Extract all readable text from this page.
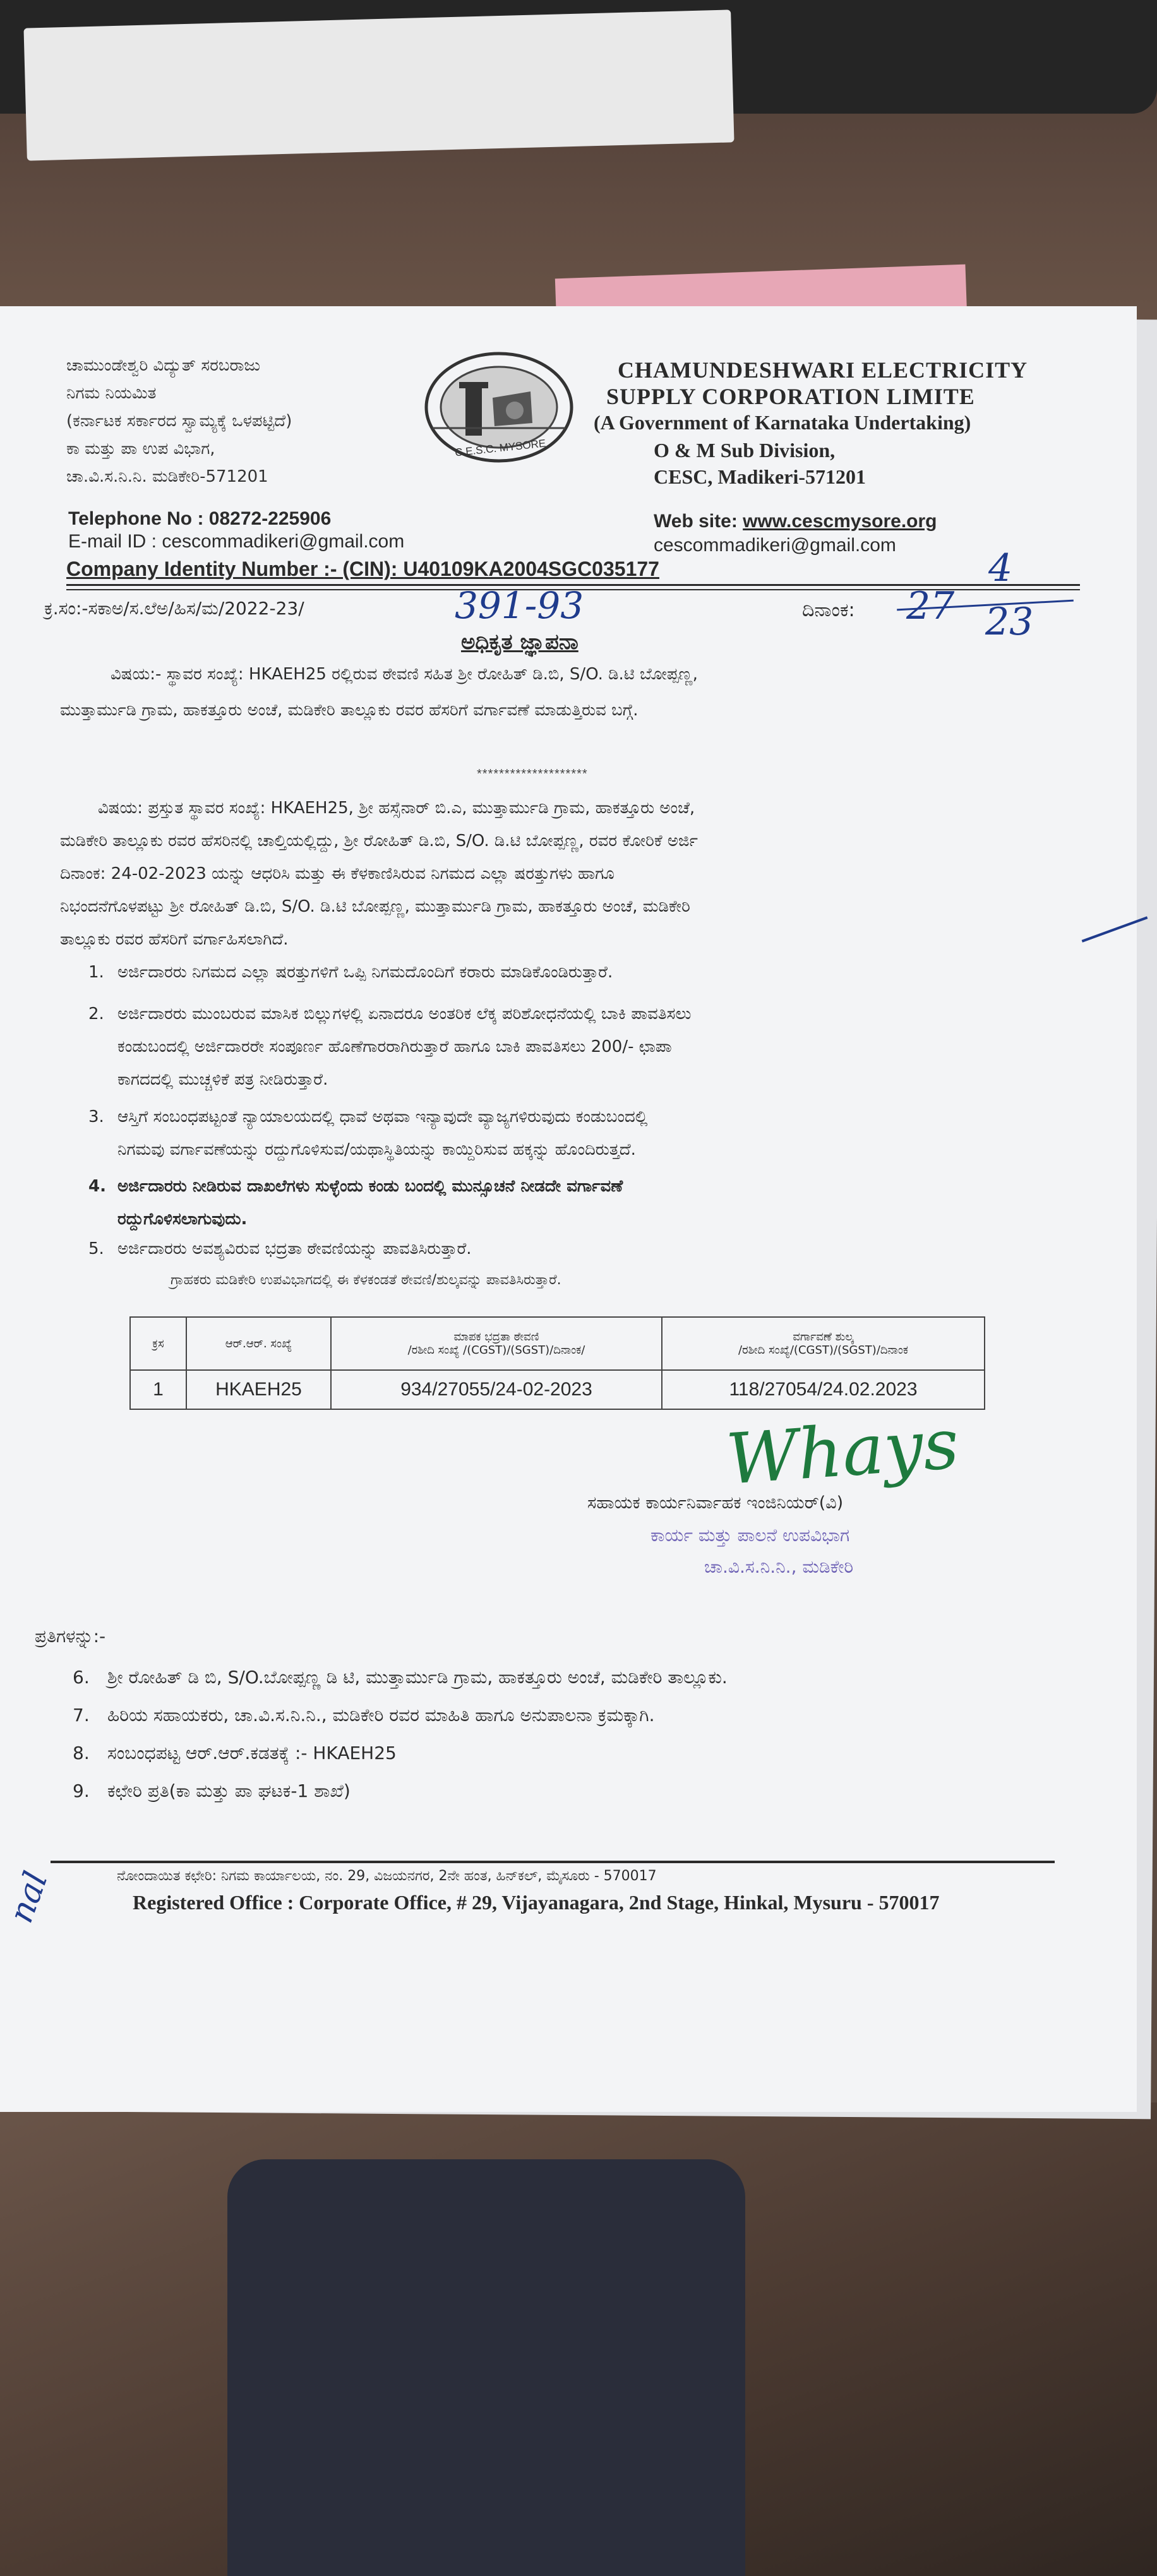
ಚಾಮುಂಡೇಶ್ವರಿ ವಿದ್ಯುತ್ ಸರಬರಾಜು
ನಿಗಮ ನಿಯಮಿತ
(ಕರ್ನಾಟಕ ಸರ್ಕಾರದ ಸ್ವಾಮ್ಯಕ್ಕೆ ಒಳಪಟ್ಟಿದೆ)
ಕಾ ಮತ್ತು ಪಾ ಉಪ ವಿಭಾಗ,
ಚಾ.ವಿ.ಸ.ನಿ.ನಿ. ಮಡಿಕೇರಿ-571201
C.E.S.C. MYSORE
CHAMUNDESHWARI ELECTRICITY
SUPPLY CORPORATION LIMITE
(A Government of Karnataka Undertaking)
O & M Sub Division,
CESC, Madikeri-571201
Telephone No : 08272-225906
E-mail ID : cescommadikeri@gmail.com
Web site: www.cescmysore.org
cescommadikeri@gmail.com
Company Identity Number :- (CIN): U40109KA2004SGC035177
ಕ್ರ.ಸಂ:-ಸಕಾಅ/ಸ.ಲೆಅ/ಹಿಸ/ಮ/2022-23/	391-93	ದಿನಾಂಕ: 27
4
23
ಅಧಿಕೃತ ಜ್ಞಾಪನಾ
ವಿಷಯ:- ಸ್ಥಾವರ ಸಂಖ್ಯೆ: HKAEH25 ರಲ್ಲಿರುವ ಠೇವಣಿ ಸಹಿತ ಶ್ರೀ ರೋಹಿತ್ ಡಿ.ಬಿ, S/O. ಡಿ.ಟಿ ಬೋಪ್ಪಣ್ಣ,
ಮುತ್ತಾರ್ಮುಡಿ ಗ್ರಾಮ, ಹಾಕತ್ತೂರು ಅಂಚೆ, ಮಡಿಕೇರಿ ತಾಲ್ಲೂಕು ರವರ ಹೆಸರಿಗೆ ವರ್ಗಾವಣೆ ಮಾಡುತ್ತಿರುವ ಬಗ್ಗೆ.
********************
ವಿಷಯ: ಪ್ರಸ್ತುತ ಸ್ಥಾವರ ಸಂಖ್ಯೆ: HKAEH25, ಶ್ರೀ ಹಸ್ಸೆನಾರ್ ಬಿ.ಎ, ಮುತ್ತಾರ್ಮುಡಿ ಗ್ರಾಮ, ಹಾಕತ್ತೂರು ಅಂಚೆ,
ಮಡಿಕೇರಿ ತಾಲ್ಲೂಕು ರವರ ಹೆಸರಿನಲ್ಲಿ ಚಾಲ್ತಿಯಲ್ಲಿದ್ದು, ಶ್ರೀ ರೋಹಿತ್ ಡಿ.ಬಿ, S/O. ಡಿ.ಟಿ ಬೋಪ್ಪಣ್ಣ, ರವರ ಕೋರಿಕೆ ಅರ್ಜಿ
ದಿನಾಂಕ: 24-02-2023 ಯನ್ನು ಆಧರಿಸಿ ಮತ್ತು ಈ ಕೆಳಕಾಣಿಸಿರುವ ನಿಗಮದ ಎಲ್ಲಾ ಷರತ್ತುಗಳು ಹಾಗೂ
ನಿಭಂದನೆಗೊಳಪಟ್ಟು ಶ್ರೀ ರೋಹಿತ್ ಡಿ.ಬಿ, S/O. ಡಿ.ಟಿ ಬೋಪ್ಪಣ್ಣ, ಮುತ್ತಾರ್ಮುಡಿ ಗ್ರಾಮ, ಹಾಕತ್ತೂರು ಅಂಚೆ, ಮಡಿಕೇರಿ
ತಾಲ್ಲೂಕು ರವರ ಹೆಸರಿಗೆ ವರ್ಗಾಹಿಸಲಾಗಿದೆ.
1. ಅರ್ಜಿದಾರರು ನಿಗಮದ ಎಲ್ಲಾ ಷರತ್ತುಗಳಿಗೆ ಒಪ್ಪಿ ನಿಗಮದೊಂದಿಗೆ ಕರಾರು ಮಾಡಿಕೊಂಡಿರುತ್ತಾರೆ.
2. ಅರ್ಜಿದಾರರು ಮುಂಬರುವ ಮಾಸಿಕ ಬಿಲ್ಲುಗಳಲ್ಲಿ ಏನಾದರೂ ಅಂತರಿಕ ಲೆಕ್ಕ ಪರಿಶೋಧನೆಯಲ್ಲಿ ಬಾಕಿ ಪಾವತಿಸಲು
ಕಂಡುಬಂದಲ್ಲಿ ಅರ್ಜಿದಾರರೇ ಸಂಪೂರ್ಣ ಹೊಣೆಗಾರರಾಗಿರುತ್ತಾರೆ ಹಾಗೂ ಬಾಕಿ ಪಾವತಿಸಲು 200/- ಛಾಪಾ
ಕಾಗದದಲ್ಲಿ ಮುಚ್ಚಳಿಕೆ ಪತ್ರ ನೀಡಿರುತ್ತಾರೆ.
3. ಆಸ್ತಿಗೆ ಸಂಬಂಧಪಟ್ಟಂತೆ ನ್ಯಾಯಾಲಯದಲ್ಲಿ ಧಾವೆ ಅಥವಾ ಇನ್ಯಾವುದೇ ವ್ಯಾಜ್ಯಗಳಿರುವುದು ಕಂಡುಬಂದಲ್ಲಿ
ನಿಗಮವು ವರ್ಗಾವಣೆಯನ್ನು ರದ್ದುಗೊಳಿಸುವ/ಯಥಾಸ್ಥಿತಿಯನ್ನು ಕಾಯ್ದಿರಿಸುವ ಹಕ್ಕನ್ನು ಹೊಂದಿರುತ್ತದೆ.
4. ಅರ್ಜಿದಾರರು ನೀಡಿರುವ ದಾಖಲೆಗಳು ಸುಳ್ಳೆಂದು ಕಂಡು ಬಂದಲ್ಲಿ ಮುನ್ಸೂಚನೆ ನೀಡದೇ ವರ್ಗಾವಣೆ
ರದ್ದುಗೊಳಿಸಲಾಗುವುದು.
5. ಅರ್ಜಿದಾರರು ಅವಶ್ಯವಿರುವ ಭದ್ರತಾ ಠೇವಣಿಯನ್ನು ಪಾವತಿಸಿರುತ್ತಾರೆ.
ಗ್ರಾಹಕರು ಮಡಿಕೇರಿ ಉಪವಿಭಾಗದಲ್ಲಿ ಈ ಕೆಳಕಂಡತೆ ಠೇವಣಿ/ಶುಲ್ಕವನ್ನು ಪಾವತಿಸಿರುತ್ತಾರೆ.
ಕ್ರಸ	ಆರ್.ಆರ್. ಸಂಖ್ಯೆ	ಮಾಪಕ ಭದ್ರತಾ ಠೇವಣಿ
/ರಶೀದಿ ಸಂಖ್ಯೆ /(CGST)/(SGST)/ದಿನಾಂಕ/	ವರ್ಗಾವಣೆ ಶುಲ್ಕ
/ರಶೀದಿ ಸಂಖ್ಯೆ/(CGST)/(SGST)/ದಿನಾಂಕ
1	HKAEH25	934/27055/24-02-2023	118/27054/24.02.2023
Whays
ಸಹಾಯಕ ಕಾರ್ಯನಿರ್ವಾಹಕ ಇಂಜಿನಿಯರ್(ವಿ)
ಕಾರ್ಯ ಮತ್ತು ಪಾಲನೆ ಉಪವಿಭಾಗ
ಚಾ.ವಿ.ಸ.ನಿ.ನಿ., ಮಡಿಕೇರಿ
ಪ್ರತಿಗಳನ್ನು:-
6. ಶ್ರೀ ರೋಹಿತ್ ಡಿ ಬಿ, S/O.ಬೋಪ್ಪಣ್ಣ ಡಿ ಟಿ, ಮುತ್ತಾರ್ಮುಡಿ ಗ್ರಾಮ, ಹಾಕತ್ತೂರು ಅಂಚೆ, ಮಡಿಕೇರಿ ತಾಲ್ಲೂಕು.
7. ಹಿರಿಯ ಸಹಾಯಕರು, ಚಾ.ವಿ.ಸ.ನಿ.ನಿ., ಮಡಿಕೇರಿ ರವರ ಮಾಹಿತಿ ಹಾಗೂ ಅನುಪಾಲನಾ ಕ್ರಮಕ್ಕಾಗಿ.
8. ಸಂಬಂಧಪಟ್ಟ ಆರ್.ಆರ್.ಕಡತಕ್ಕೆ :- HKAEH25
9. ಕಛೇರಿ ಪ್ರತಿ(ಕಾ ಮತ್ತು ಪಾ ಘಟಕ-1 ಶಾಖೆ)
ನೋಂದಾಯಿತ ಕಛೇರಿ: ನಿಗಮ ಕಾರ್ಯಾಲಯ, ನಂ. 29, ವಿಜಯನಗರ, 2ನೇ ಹಂತ, ಹಿನ್‌ಕಲ್, ಮೈಸೂರು - 570017
Registered Office : Corporate Office, # 29, Vijayanagara, 2nd Stage, Hinkal, Mysuru - 570017
nal
